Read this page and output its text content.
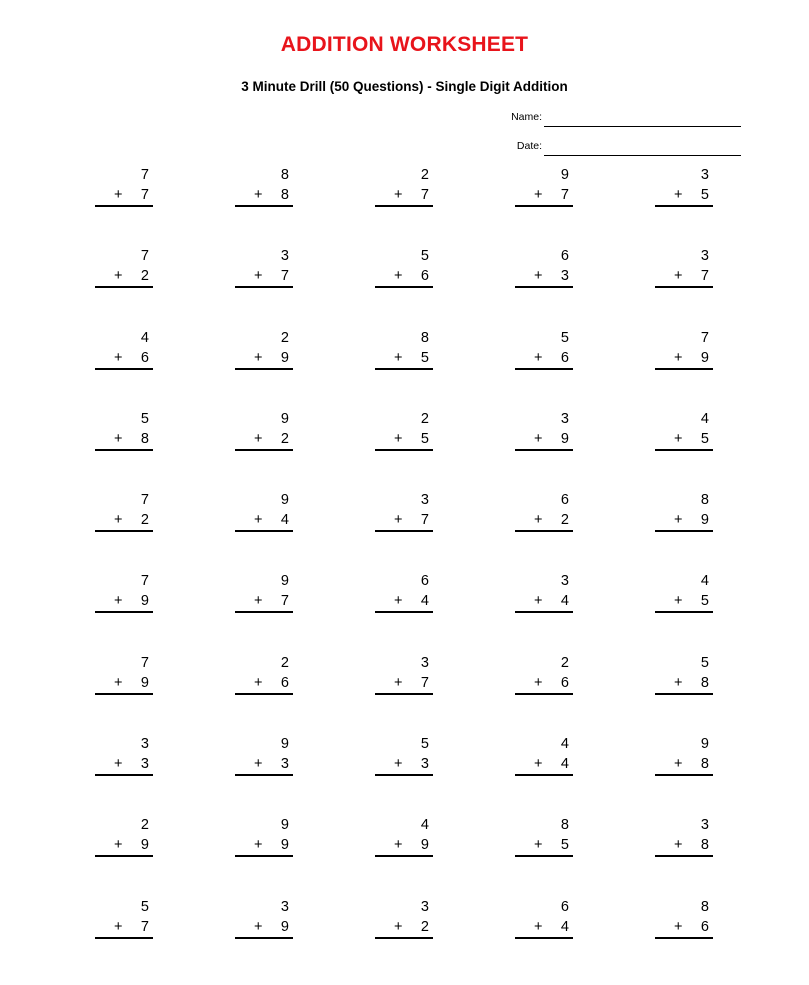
ADDITION WORKSHEET
3 Minute Drill (50 Questions) - Single Digit Addition
Name:
Date:
7
+ 7
8
+ 8
2
+ 7
9
+ 7
3
+ 5
7
+ 2
3
+ 7
5
+ 6
6
+ 3
3
+ 7
4
+ 6
2
+ 9
8
+ 5
5
+ 6
7
+ 9
5
+ 8
9
+ 2
2
+ 5
3
+ 9
4
+ 5
7
+ 2
9
+ 4
3
+ 7
6
+ 2
8
+ 9
7
+ 9
9
+ 7
6
+ 4
3
+ 4
4
+ 5
7
+ 9
2
+ 6
3
+ 7
2
+ 6
5
+ 8
3
+ 3
9
+ 3
5
+ 3
4
+ 4
9
+ 8
2
+ 9
9
+ 9
4
+ 9
8
+ 5
3
+ 8
5
+ 7
3
+ 9
3
+ 2
6
+ 4
8
+ 6
